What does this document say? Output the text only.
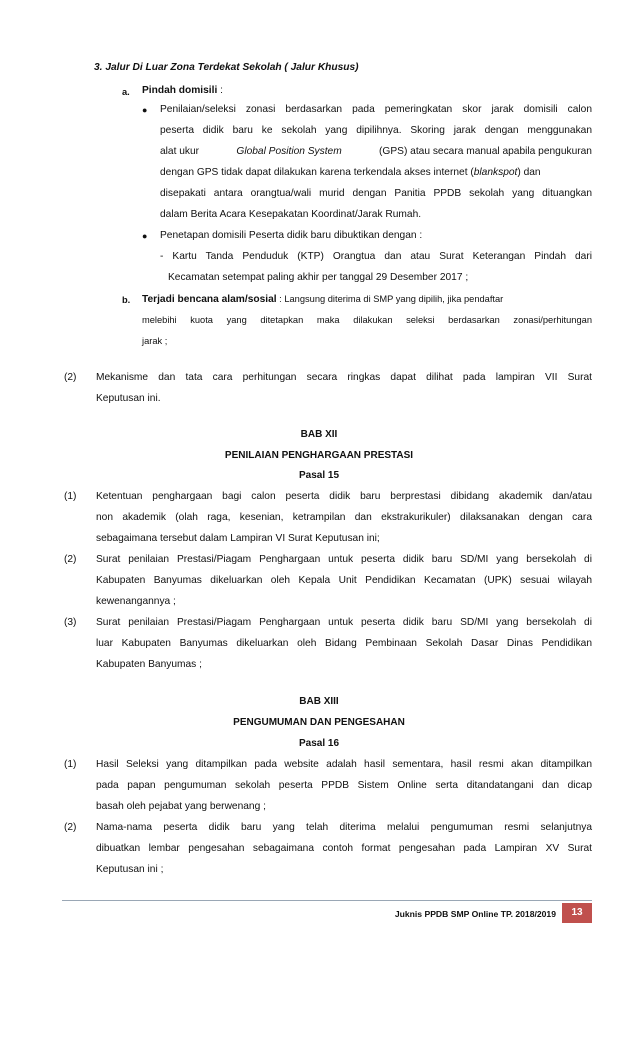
3. Jalur Di Luar Zona Terdekat Sekolah ( Jalur Khusus)
a. Pindah domisili :
● Penilaian/seleksi zonasi berdasarkan pada pemeringkatan skor jarak domisili calon
peserta didik baru ke sekolah yang dipilihnya. Skoring jarak dengan menggunakan
alat ukur	Global Position System	(GPS) atau secara manual apabila pengukuran
dengan GPS tidak dapat dilakukan karena terkendala akses internet (blankspot) dan
disepakati antara orangtua/wali murid dengan Panitia PPDB sekolah yang dituangkan
dalam Berita Acara Kesepakatan Koordinat/Jarak Rumah.
● Penetapan domisili Peserta didik baru dibuktikan dengan :
- Kartu Tanda Penduduk (KTP) Orangtua dan atau Surat Keterangan Pindah dari
Kecamatan setempat paling akhir per tanggal 29 Desember 2017 ;
b. Terjadi bencana alam/sosial : Langsung diterima di SMP yang dipilih, jika pendaftar
melebihi kuota yang ditetapkan maka dilakukan seleksi berdasarkan zonasi/perhitungan
jarak ;
(2) Mekanisme dan tata cara perhitungan secara ringkas dapat dilihat pada lampiran VII Surat
Keputusan ini.
BAB XII
PENILAIAN PENGHARGAAN PRESTASI
Pasal 15
(1) Ketentuan penghargaan bagi calon peserta didik baru berprestasi dibidang akademik dan/atau
non akademik (olah raga, kesenian, ketrampilan dan ekstrakurikuler) dilaksanakan dengan cara
sebagaimana tersebut dalam Lampiran VI Surat Keputusan ini;
(2) Surat penilaian Prestasi/Piagam Penghargaan untuk peserta didik baru SD/MI yang bersekolah di
Kabupaten Banyumas dikeluarkan oleh Kepala Unit Pendidikan Kecamatan (UPK) sesuai wilayah
kewenangannya ;
(3) Surat penilaian Prestasi/Piagam Penghargaan untuk peserta didik baru SD/MI yang bersekolah di
luar Kabupaten Banyumas dikeluarkan oleh Bidang Pembinaan Sekolah Dasar Dinas Pendidikan
Kabupaten Banyumas ;
BAB XIII
PENGUMUMAN DAN PENGESAHAN
Pasal 16
(1) Hasil Seleksi yang ditampilkan pada website adalah hasil sementara, hasil resmi akan ditampilkan
pada papan pengumuman sekolah peserta PPDB Sistem Online serta ditandatangani dan dicap
basah oleh pejabat yang berwenang ;
(2) Nama-nama peserta didik baru yang telah diterima melalui pengumuman resmi selanjutnya
dibuatkan lembar pengesahan sebagaimana contoh format pengesahan pada Lampiran XV Surat
Keputusan ini ;
Juknis PPDB SMP Online TP. 2018/2019	13
